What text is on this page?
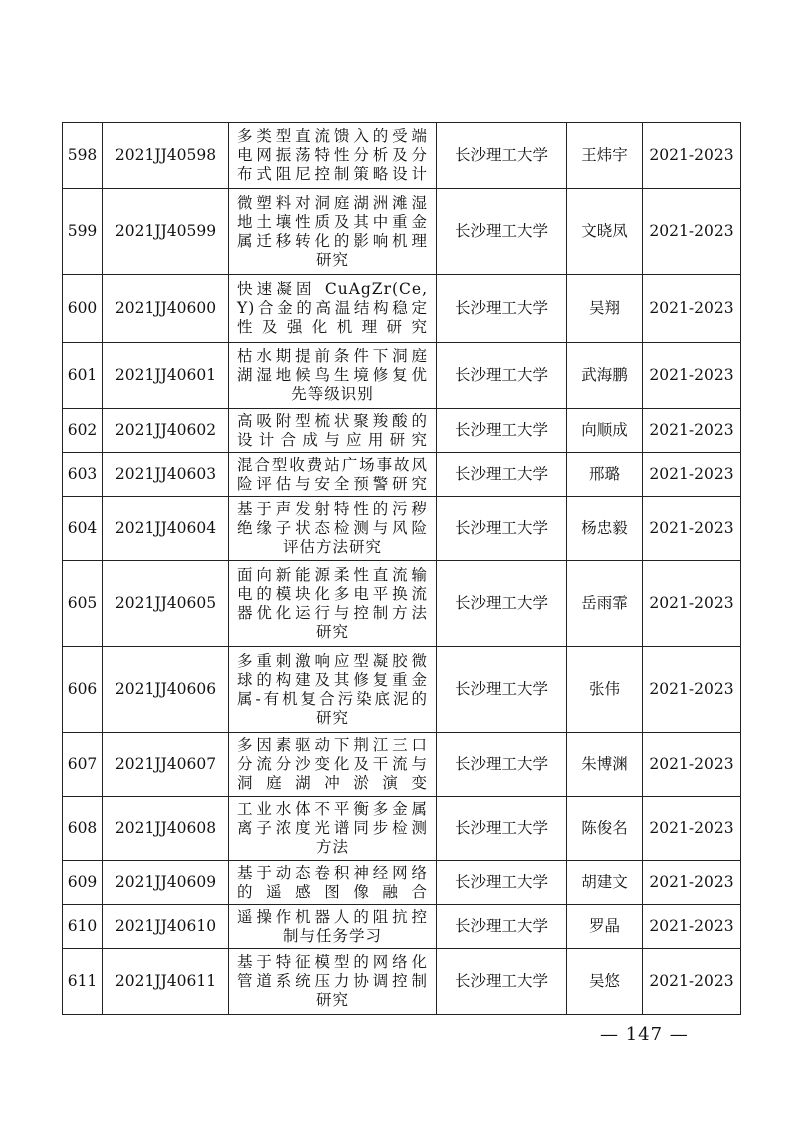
598	2021JJ40598	多类型直流馈入的受端
电网振荡特性分析及分
布式阻尼控制策略设计	长沙理工大学	王炜宇	2021-2023
599	2021JJ40599	微塑料对洞庭湖洲滩湿
地土壤性质及其中重金
属迁移转化的影响机理
研究	长沙理工大学	文晓凤	2021-2023
600	2021JJ40600	快速凝固 CuAgZr(Ce,
Y)合金的高温结构稳定
性及强化机理研究	长沙理工大学	吴翔	2021-2023
601	2021JJ40601	枯水期提前条件下洞庭
湖湿地候鸟生境修复优
先等级识别	长沙理工大学	武海鹏	2021-2023
602	2021JJ40602	高吸附型梳状聚羧酸的
设计合成与应用研究	长沙理工大学	向顺成	2021-2023
603	2021JJ40603	混合型收费站广场事故风
险评估与安全预警研究	长沙理工大学	邢璐	2021-2023
604	2021JJ40604	基于声发射特性的污秽
绝缘子状态检测与风险
评估方法研究	长沙理工大学	杨忠毅	2021-2023
605	2021JJ40605	面向新能源柔性直流输
电的模块化多电平换流
器优化运行与控制方法
研究	长沙理工大学	岳雨霏	2021-2023
606	2021JJ40606	多重刺激响应型凝胶微
球的构建及其修复重金
属-有机复合污染底泥的
研究	长沙理工大学	张伟	2021-2023
607	2021JJ40607	多因素驱动下荆江三口
分流分沙变化及干流与
洞庭湖冲淤演变	长沙理工大学	朱博渊	2021-2023
608	2021JJ40608	工业水体不平衡多金属
离子浓度光谱同步检测
方法	长沙理工大学	陈俊名	2021-2023
609	2021JJ40609	基于动态卷积神经网络
的遥感图像融合	长沙理工大学	胡建文	2021-2023
610	2021JJ40610	遥操作机器人的阻抗控
制与任务学习	长沙理工大学	罗晶	2021-2023
611	2021JJ40611	基于特征模型的网络化
管道系统压力协调控制
研究	长沙理工大学	吴悠	2021-2023
— 147 —
